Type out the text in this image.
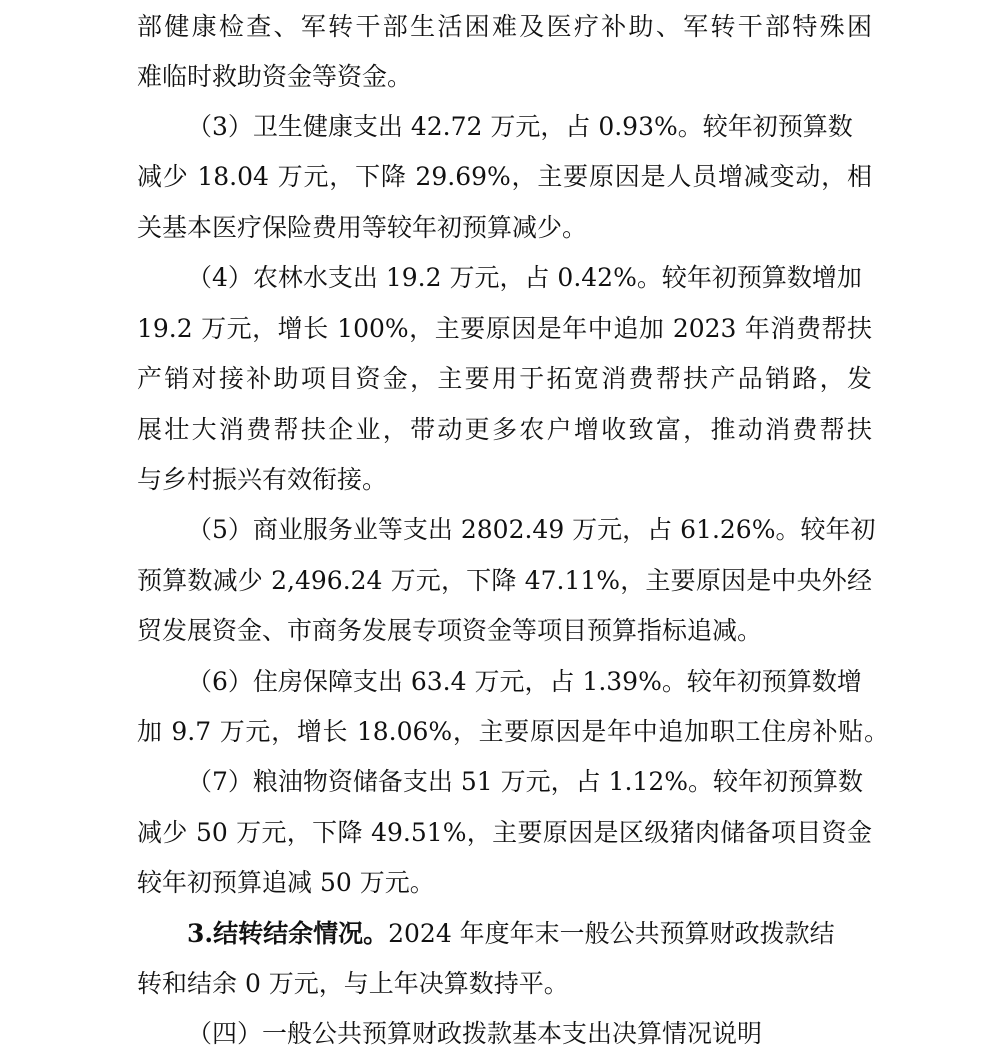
部健康检查、军转干部生活困难及医疗补助、军转干部特殊困
难临时救助资金等资金。
（3）卫生健康支出 42.72 万元，占 0.93%。较年初预算数
减少 18.04 万元，下降 29.69%，主要原因是人员增减变动，相
关基本医疗保险费用等较年初预算减少。
（4）农林水支出 19.2 万元，占 0.42%。较年初预算数增加
19.2 万元，增长 100%，主要原因是年中追加 2023 年消费帮扶
产销对接补助项目资金，主要用于拓宽消费帮扶产品销路，发
展壮大消费帮扶企业，带动更多农户增收致富，推动消费帮扶
与乡村振兴有效衔接。
（5）商业服务业等支出 2802.49 万元，占 61.26%。较年初
预算数减少 2,496.24 万元，下降 47.11%，主要原因是中央外经
贸发展资金、市商务发展专项资金等项目预算指标追减。
（6）住房保障支出 63.4 万元，占 1.39%。较年初预算数增
加 9.7 万元，增长 18.06%，主要原因是年中追加职工住房补贴。
（7）粮油物资储备支出 51 万元，占 1.12%。较年初预算数
减少 50 万元，下降 49.51%，主要原因是区级猪肉储备项目资金
较年初预算追减 50 万元。
3.结转结余情况。2024 年度年末一般公共预算财政拨款结
转和结余 0 万元，与上年决算数持平。
（四）一般公共预算财政拨款基本支出决算情况说明
